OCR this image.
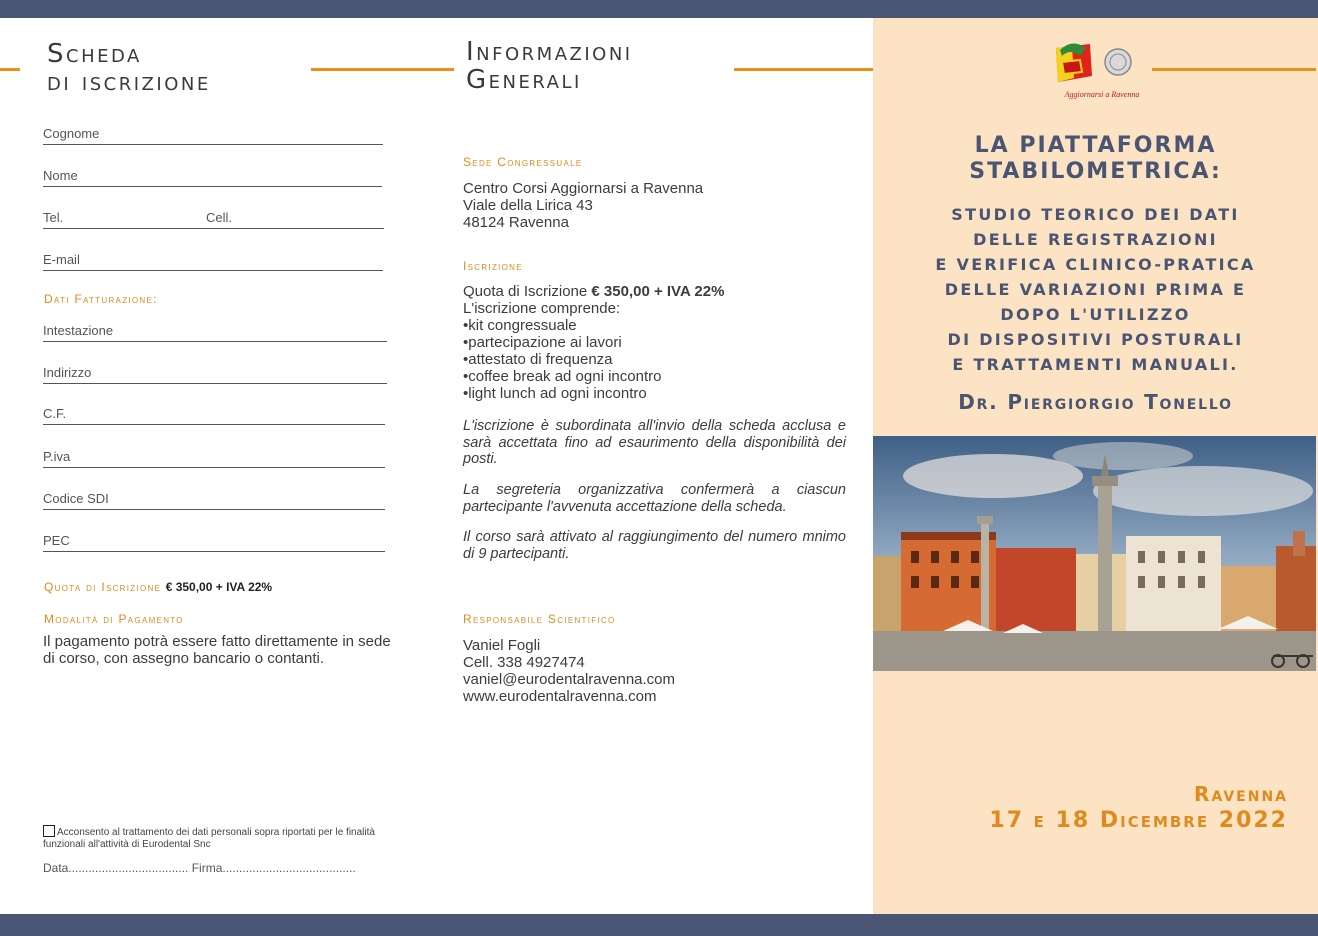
Scheda
di iscrizione
Cognome
Nome
Tel.	Cell.
E-mail
Dati Fatturazione:
Intestazione
Indirizzo
C.F.
P.iva
Codice SDI
PEC
Quota di Iscrizione € 350,00 + IVA 22%
Modalità di Pagamento
Il pagamento potrà essere fatto direttamente in sede di corso, con assegno bancario o contanti.
Acconsento al trattamento dei dati personali sopra riportati per le finalità funzionali all'attività di Eurodental Snc
Data.................................... Firma........................................
Informazioni
Generali
Sede Congressuale
Centro Corsi Aggiornarsi a Ravenna
Viale della Lirica 43
48124 Ravenna
Iscrizione
Quota di Iscrizione € 350,00 + IVA 22%
L'iscrizione comprende:
•kit congressuale
•partecipazione ai lavori
•attestato di frequenza
•coffee break ad ogni incontro
•light lunch ad ogni incontro
L'iscrizione è subordinata all'invio della scheda acclusa e sarà accettata fino ad esaurimento della disponibilità dei posti.
La segreteria organizzativa confermerà a ciascun partecipante l'avvenuta accettazione della scheda.
Il corso sarà attivato al raggiungimento del numero mnimo di 9 partecipanti.
Responsabile Scientifico
Vaniel Fogli
Cell. 338 4927474
vaniel@eurodentalravenna.com
www.eurodentalravenna.com
Aggiornarsi a Ravenna
LA PIATTAFORMA
STABILOMETRICA:
STUDIO TEORICO DEI DATI
DELLE REGISTRAZIONI
E VERIFICA CLINICO-PRATICA
DELLE VARIAZIONI PRIMA E
DOPO L'UTILIZZO
DI DISPOSITIVI POSTURALI
E TRATTAMENTI MANUALI.
Dr. Piergiorgio Tonello
Ravenna
17 e 18 Dicembre 2022
